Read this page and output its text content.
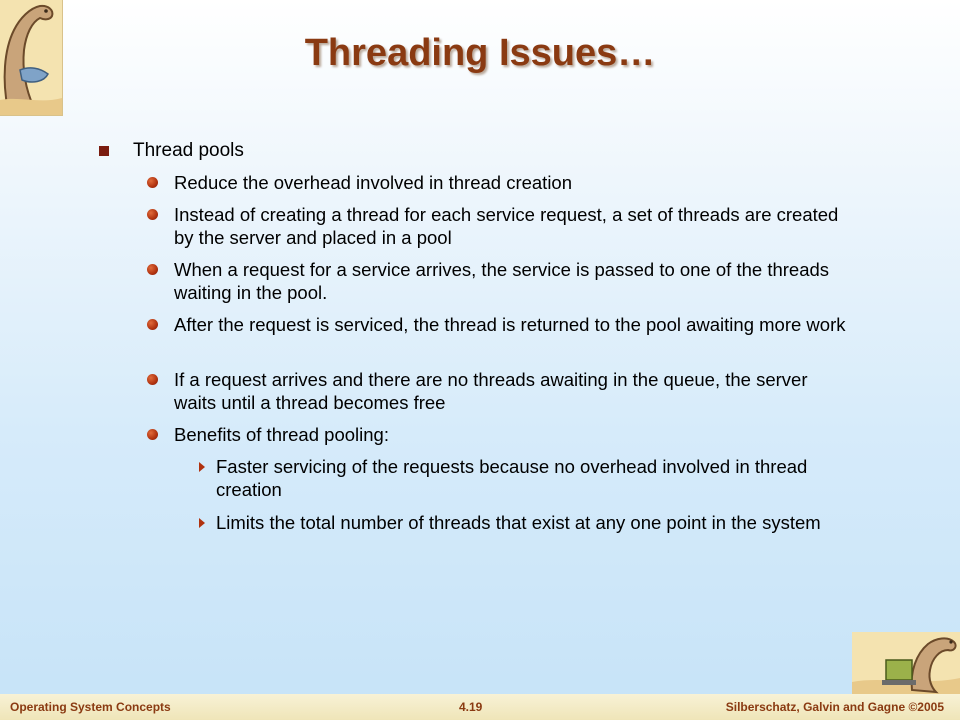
Threading Issues…
Thread pools
Reduce the overhead involved in thread creation
Instead of creating a thread for each service request, a set of threads are created by the server and placed in a pool
When a request for a service arrives, the service is passed to one of the threads waiting in the pool.
After the request is serviced, the thread is returned to the pool awaiting more work
If a request arrives and there are no threads awaiting in the queue, the server waits until a thread becomes free
Benefits of thread pooling:
Faster servicing of the requests because no overhead involved in thread creation
Limits the total number of threads that exist at any one point in the system
Operating System Concepts	4.19	Silberschatz, Galvin and Gagne ©2005
